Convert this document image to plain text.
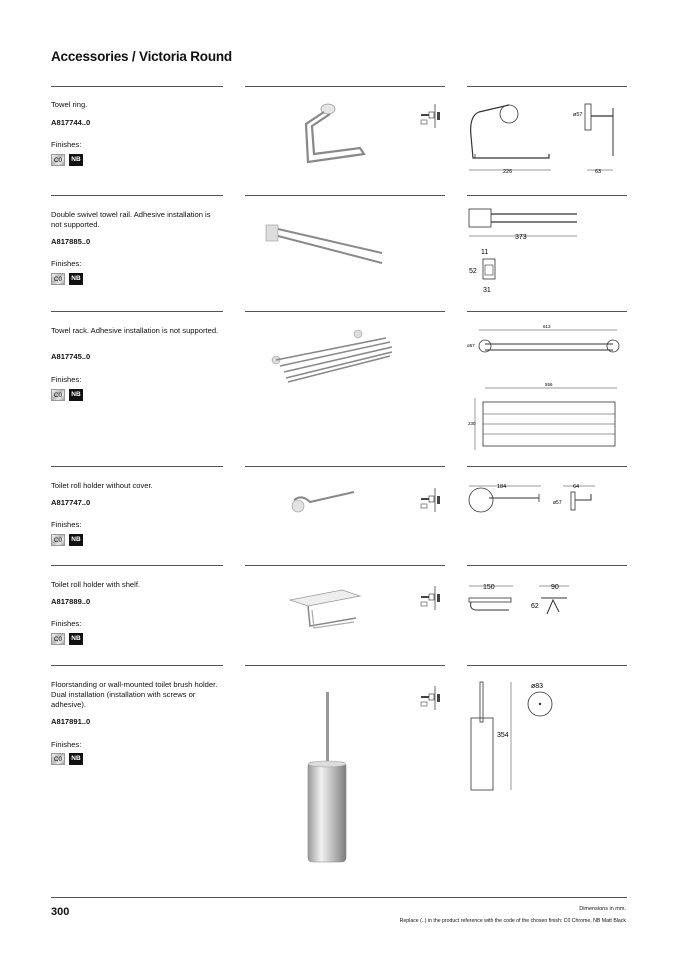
Accessories / Victoria Round
Towel ring.
A817744..0
Finishes:
C0	NB
226
ø57
63
Double swivel towel rail. Adhesive installation is not supported.
A817885..0
Finishes:
C0	NB
373
11
52
31
Towel rack. Adhesive installation is not supported.
A817745..0
Finishes:
C0	NB
613
ø57
556
230
Toilet roll holder without cover.
A817747..0
Finishes:
C0	NB
184	64
ø57
Toilet roll holder with shelf.
A817889..0
Finishes:
C0	NB
150	90
62
Floorstanding or wall-mounted toilet brush holder. Dual installation (installation with screws or adhesive).
A817891..0
Finishes:
C0	NB
354
ø83
300	Dimensions in mm.
Replace (..) in the product reference with the code of the chosen finish: C0 Chrome, NB Matt Black
